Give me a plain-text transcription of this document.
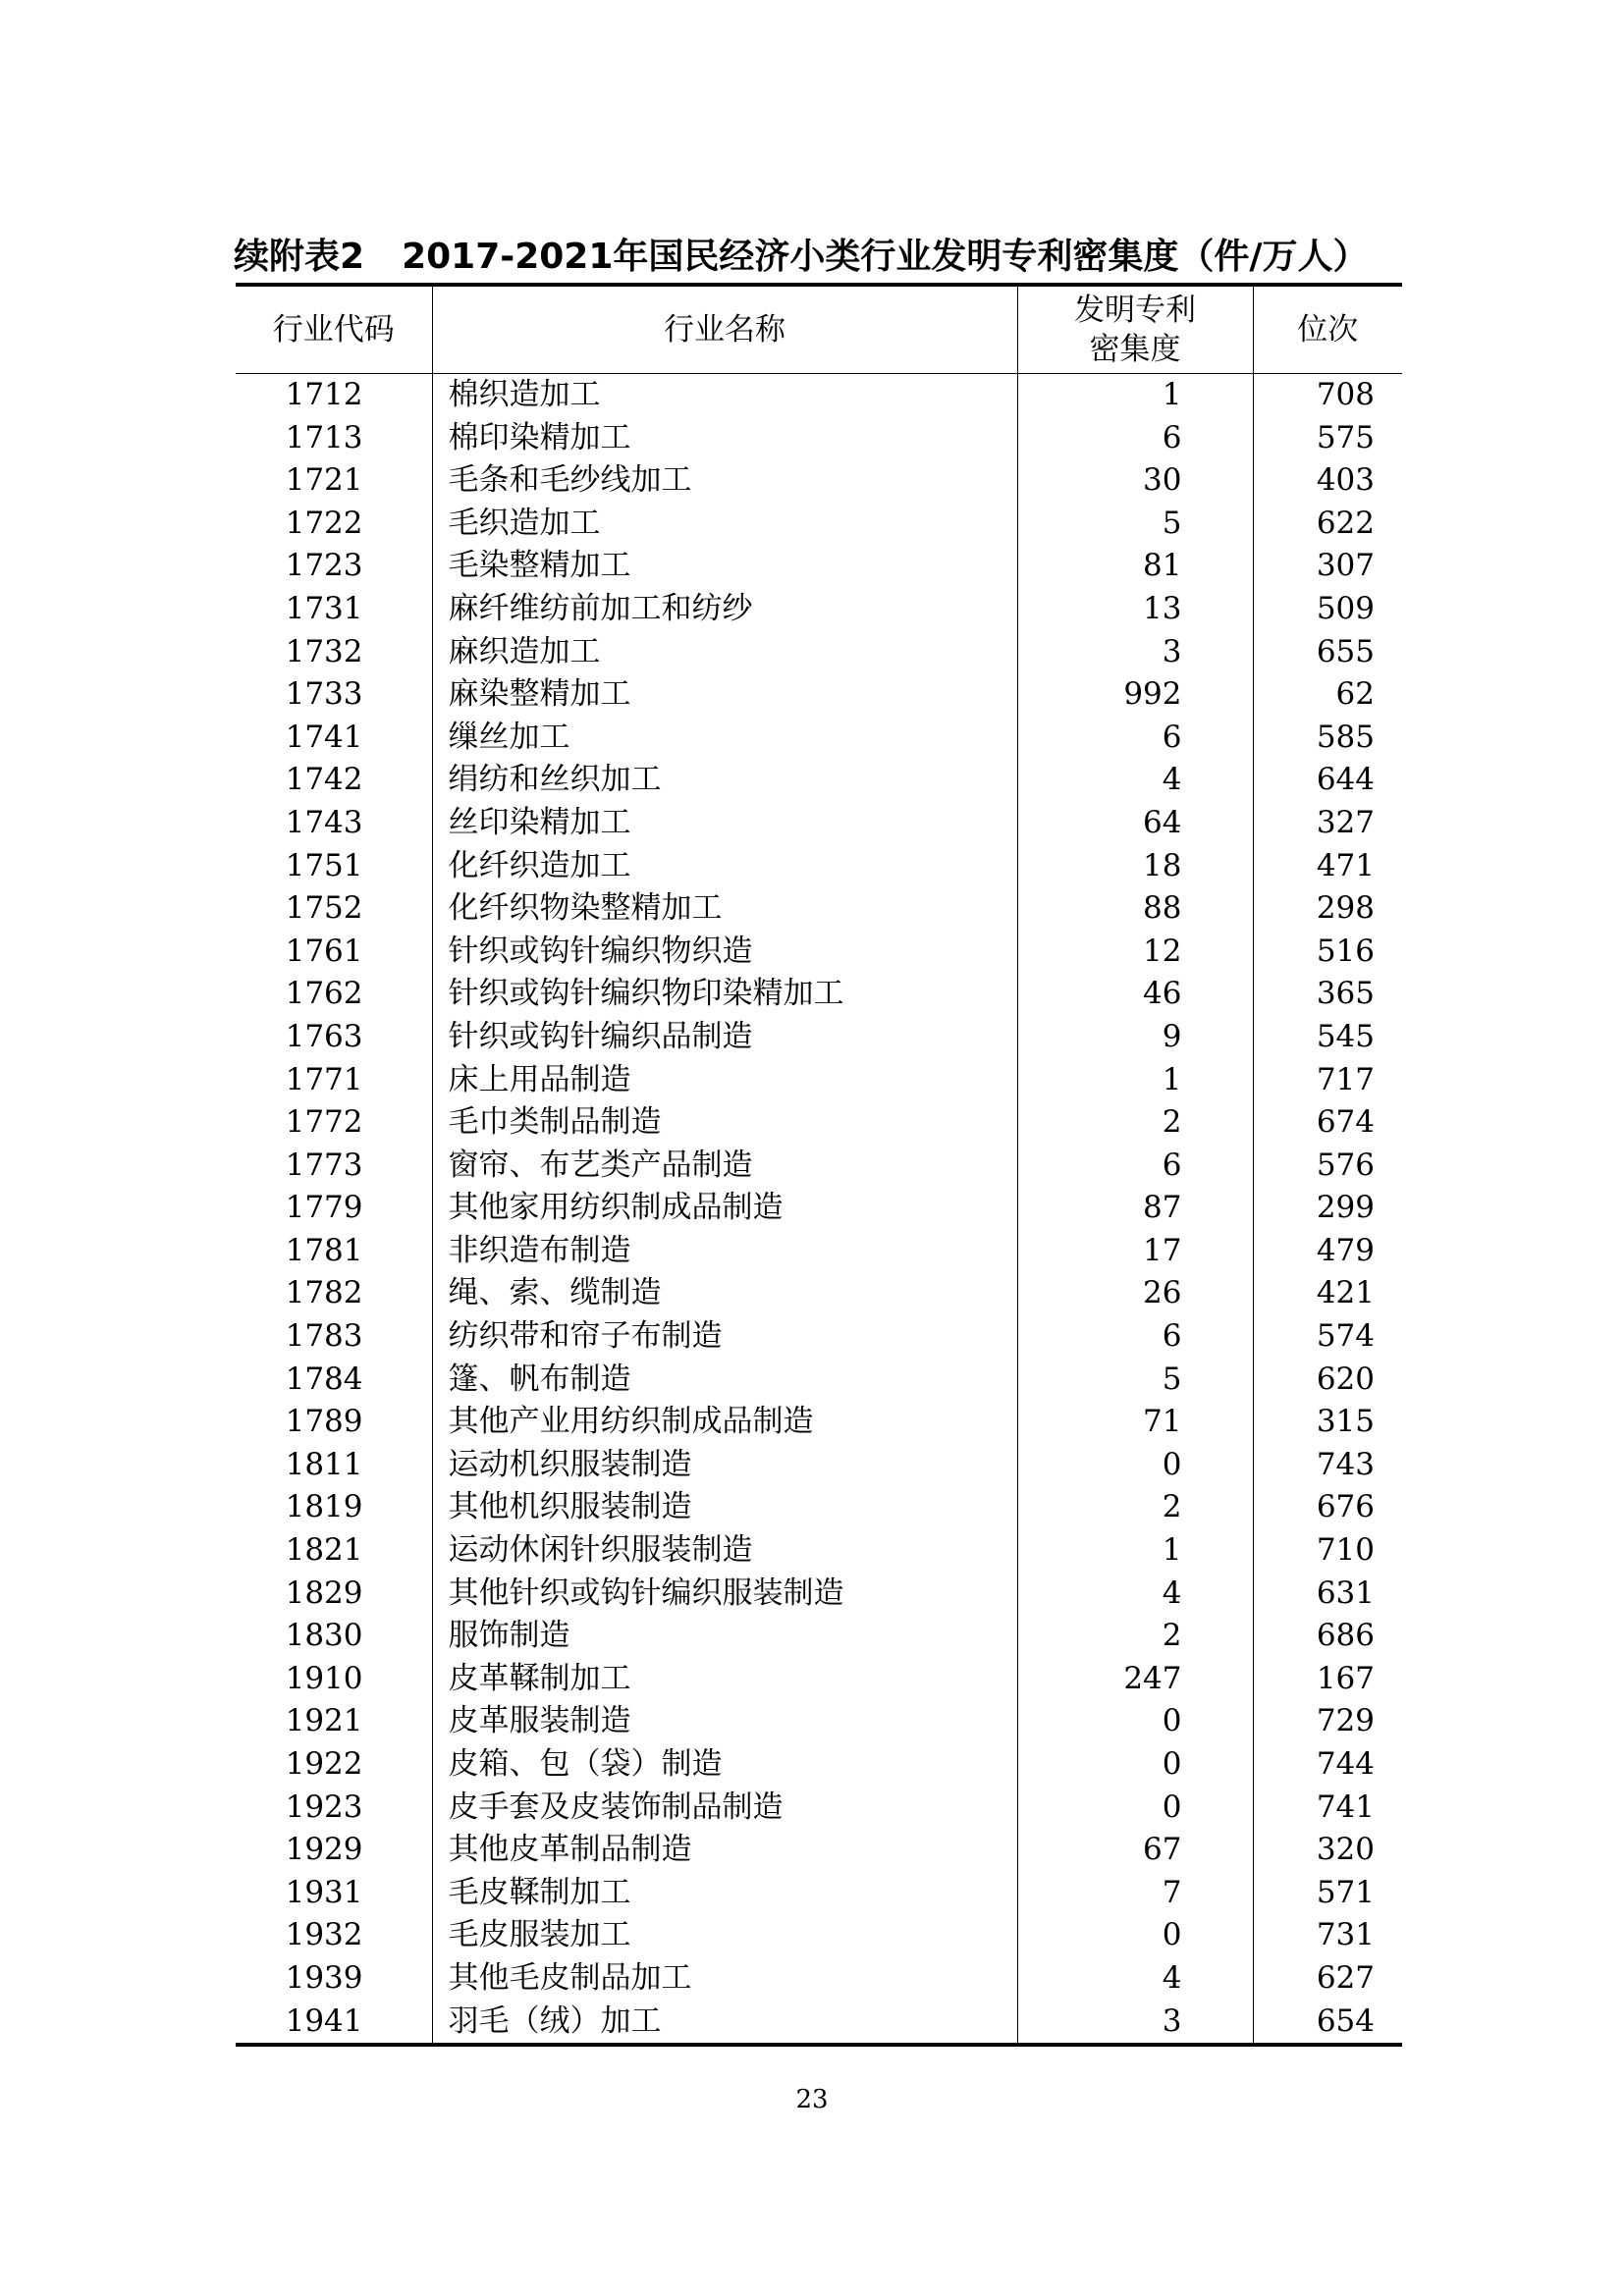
续附表2 2017-2021年国民经济小类行业发明专利密集度（件/万人）
行业代码	行业名称	发明专利密集度	位次
1712	棉织造加工	1	708
1713	棉印染精加工	6	575
1721	毛条和毛纱线加工	30	403
1722	毛织造加工	5	622
1723	毛染整精加工	81	307
1731	麻纤维纺前加工和纺纱	13	509
1732	麻织造加工	3	655
1733	麻染整精加工	992	62
1741	缫丝加工	6	585
1742	绢纺和丝织加工	4	644
1743	丝印染精加工	64	327
1751	化纤织造加工	18	471
1752	化纤织物染整精加工	88	298
1761	针织或钩针编织物织造	12	516
1762	针织或钩针编织物印染精加工	46	365
1763	针织或钩针编织品制造	9	545
1771	床上用品制造	1	717
1772	毛巾类制品制造	2	674
1773	窗帘、布艺类产品制造	6	576
1779	其他家用纺织制成品制造	87	299
1781	非织造布制造	17	479
1782	绳、索、缆制造	26	421
1783	纺织带和帘子布制造	6	574
1784	篷、帆布制造	5	620
1789	其他产业用纺织制成品制造	71	315
1811	运动机织服装制造	0	743
1819	其他机织服装制造	2	676
1821	运动休闲针织服装制造	1	710
1829	其他针织或钩针编织服装制造	4	631
1830	服饰制造	2	686
1910	皮革鞣制加工	247	167
1921	皮革服装制造	0	729
1922	皮箱、包（袋）制造	0	744
1923	皮手套及皮装饰制品制造	0	741
1929	其他皮革制品制造	67	320
1931	毛皮鞣制加工	7	571
1932	毛皮服装加工	0	731
1939	其他毛皮制品加工	4	627
1941	羽毛（绒）加工	3	654
23
